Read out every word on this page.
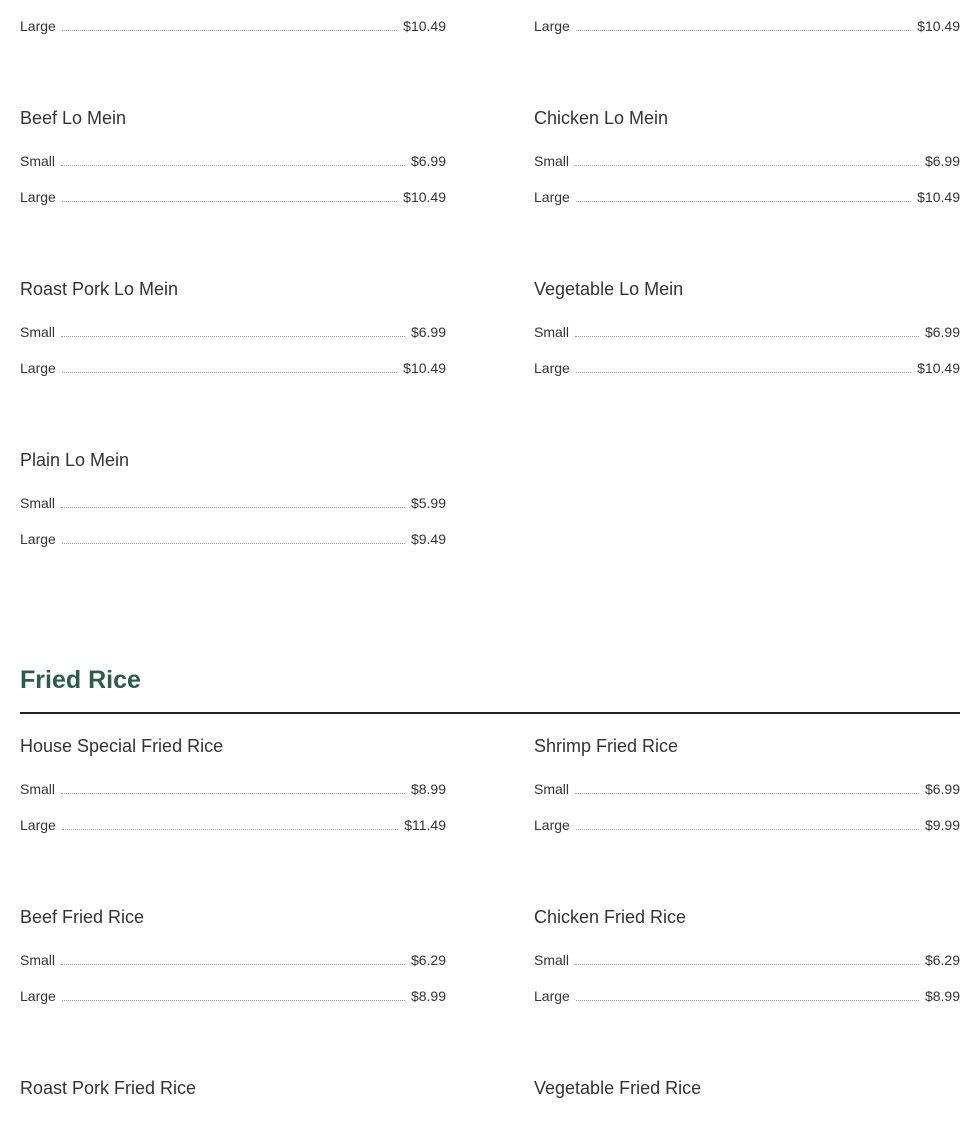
Large	$10.49	Large	$10.49
Beef Lo Mein
Small	$6.99
Large	$10.49
Chicken Lo Mein
Small	$6.99
Large	$10.49
Roast Pork Lo Mein
Small	$6.99
Large	$10.49
Vegetable Lo Mein
Small	$6.99
Large	$10.49
Plain Lo Mein
Small	$5.99
Large	$9.49
Fried Rice
House Special Fried Rice
Small	$8.99
Large	$11.49
Shrimp Fried Rice
Small	$6.99
Large	$9.99
Beef Fried Rice
Small	$6.29
Large	$8.99
Chicken Fried Rice
Small	$6.29
Large	$8.99
Roast Pork Fried Rice	Vegetable Fried Rice
